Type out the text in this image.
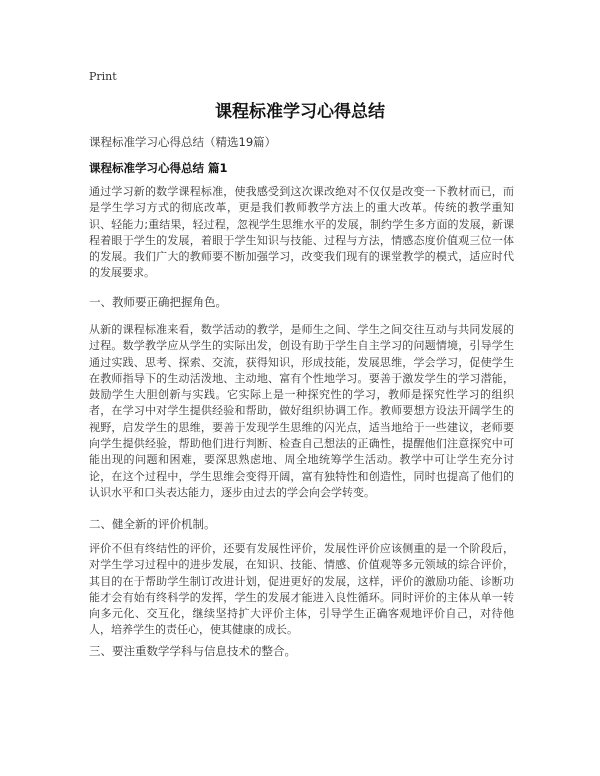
Print
课程标准学习心得总结
课程标准学习心得总结（精选19篇）
课程标准学习心得总结 篇1

通过学习新的数学课程标准，使我感受到这次课改绝对不仅仅是改变一下教材而已，而是学生学习方式的彻底改革，更是我们教师教学方法上的重大改革。传统的教学重知识、轻能力;重结果，轻过程，忽视学生思维水平的发展，制约学生多方面的发展，新课程着眼于学生的发展，着眼于学生知识与技能、过程与方法，情感态度价值观三位一体的发展。我们广大的教师要不断加强学习，改变我们现有的课堂教学的模式，适应时代的发展要求。

一、教师要正确把握角色。

从新的课程标准来看，数学活动的教学，是师生之间、学生之间交往互动与共同发展的过程。数学教学应从学生的实际出发，创设有助于学生自主学习的问题情境，引导学生通过实践、思考、探索、交流，获得知识，形成技能，发展思维，学会学习，促使学生在教师指导下的生动活泼地、主动地、富有个性地学习。要善于激发学生的学习潜能，鼓励学生大胆创新与实践。它实际上是一种探究性的学习，教师是探究性学习的组织者，在学习中对学生提供经验和帮助，做好组织协调工作。教师要想方设法开阔学生的视野，启发学生的思维，要善于发现学生思维的闪光点，适当地给于一些建议，老师要向学生提供经验，帮助他们进行判断、检查自己想法的正确性，提醒他们注意探究中可能出现的问题和困难，要深思熟虑地、周全地统筹学生活动。教学中可让学生充分讨论，在这个过程中，学生思维会变得开阔，富有独特性和创造性，同时也提高了他们的认识水平和口头表达能力，逐步由过去的学会向会学转变。

二、健全新的评价机制。

评价不但有终结性的评价，还要有发展性评价，发展性评价应该侧重的是一个阶段后，对学生学习过程中的进步发展，在知识、技能、情感、价值观等多元领域的综合评价，其目的在于帮助学生制订改进计划，促进更好的发展，这样，评价的激励功能、诊断功能才会有始有终科学的发挥，学生的发展才能进入良性循环。同时评价的主体从单一转向多元化、交互化，继续坚持扩大评价主体，引导学生正确客观地评价自己，对待他人，培养学生的责任心，使其健康的成长。

三、要注重数学学科与信息技术的整合。
